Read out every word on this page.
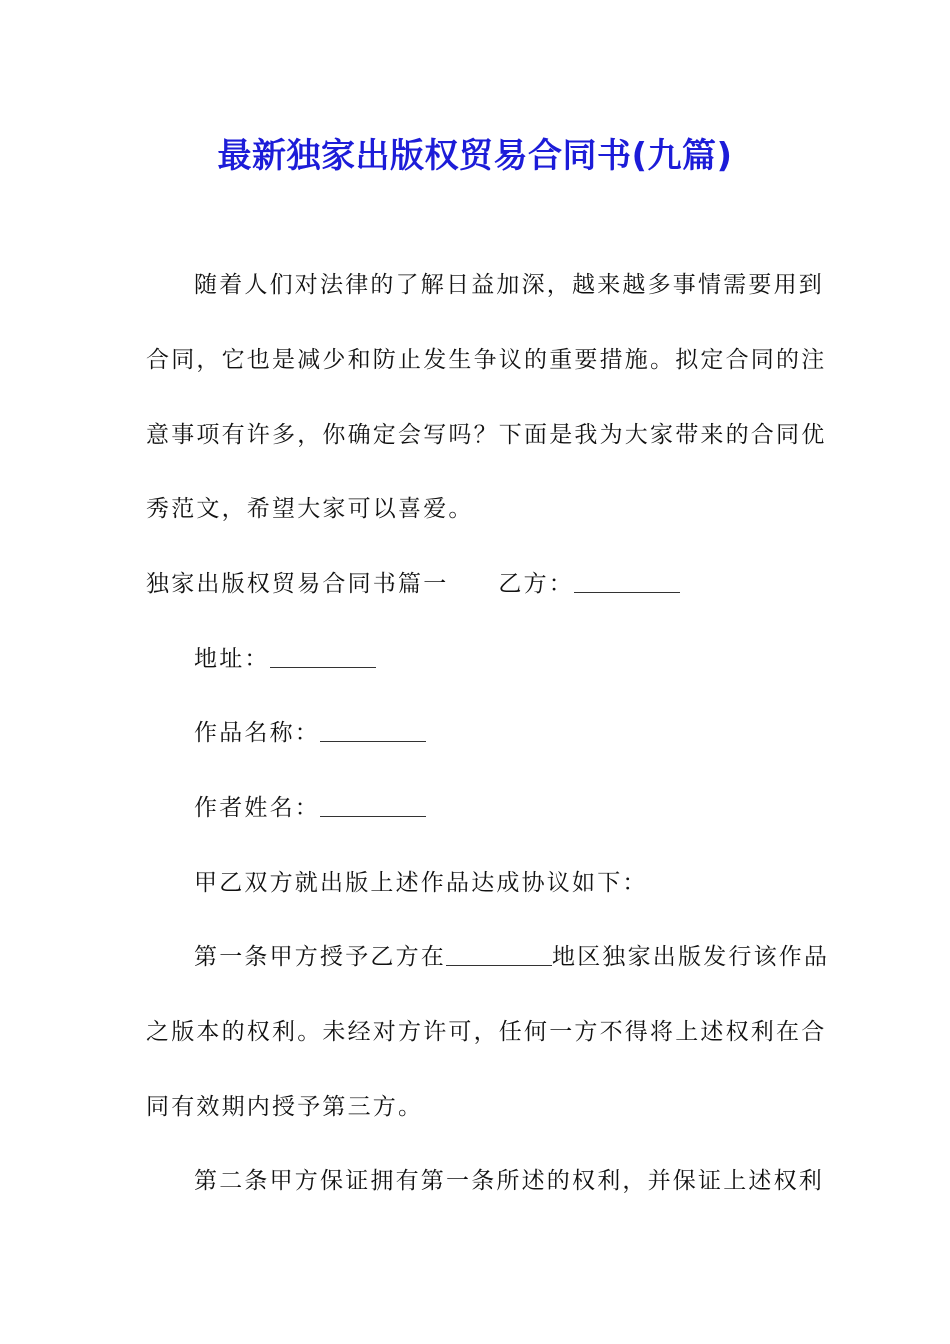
最新独家出版权贸易合同书(九篇)
随着人们对法律的了解日益加深，越来越多事情需要用到
合同，它也是减少和防止发生争议的重要措施。拟定合同的注
意事项有许多，你确定会写吗？下面是我为大家带来的合同优
秀范文，希望大家可以喜爱。
独家出版权贸易合同书篇一 乙方：
地址：
作品名称：
作者姓名：
甲乙双方就出版上述作品达成协议如下：
第一条甲方授予乙方在	地区独家出版发行该作品
之版本的权利。未经对方许可，任何一方不得将上述权利在合
同有效期内授予第三方。
第二条甲方保证拥有第一条所述的权利，并保证上述权利
